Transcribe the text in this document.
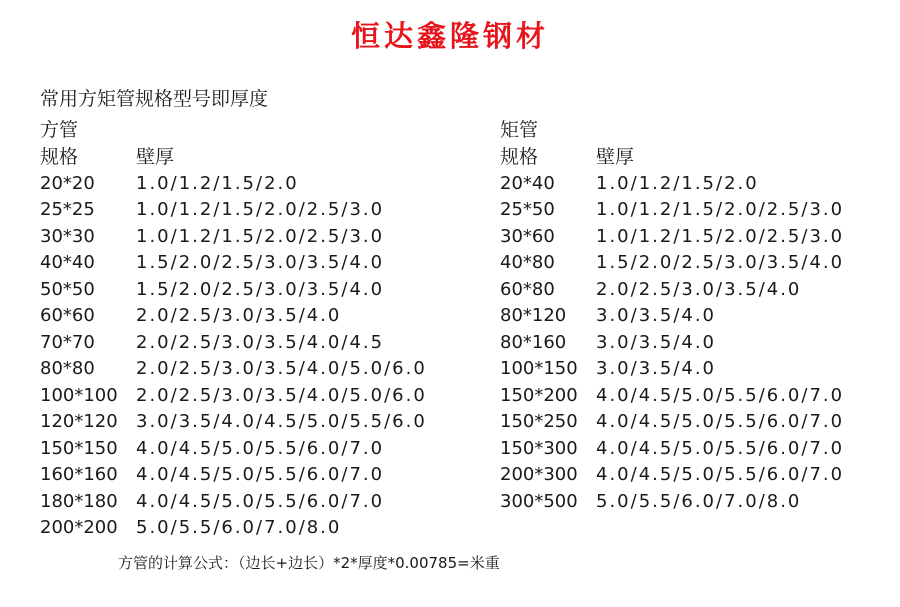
恒达鑫隆钢材
常用方矩管规格型号即厚度
方管
规格	壁厚
20*20 1.0/1.2/1.5/2.0
25*25 1.0/1.2/1.5/2.0/2.5/3.0
30*30 1.0/1.2/1.5/2.0/2.5/3.0
40*40 1.5/2.0/2.5/3.0/3.5/4.0
50*50 1.5/2.0/2.5/3.0/3.5/4.0
60*60 2.0/2.5/3.0/3.5/4.0
70*70 2.0/2.5/3.0/3.5/4.0/4.5
80*80 2.0/2.5/3.0/3.5/4.0/5.0/6.0
100*100 2.0/2.5/3.0/3.5/4.0/5.0/6.0
120*120 3.0/3.5/4.0/4.5/5.0/5.5/6.0
150*150 4.0/4.5/5.0/5.5/6.0/7.0
160*160 4.0/4.5/5.0/5.5/6.0/7.0
180*180 4.0/4.5/5.0/5.5/6.0/7.0
200*200 5.0/5.5/6.0/7.0/8.0
矩管
规格	壁厚
20*40 1.0/1.2/1.5/2.0
25*50 1.0/1.2/1.5/2.0/2.5/3.0
30*60 1.0/1.2/1.5/2.0/2.5/3.0
40*80 1.5/2.0/2.5/3.0/3.5/4.0
60*80 2.0/2.5/3.0/3.5/4.0
80*120 3.0/3.5/4.0
80*160 3.0/3.5/4.0
100*150 3.0/3.5/4.0
150*200 4.0/4.5/5.0/5.5/6.0/7.0
150*250 4.0/4.5/5.0/5.5/6.0/7.0
150*300 4.0/4.5/5.0/5.5/6.0/7.0
200*300 4.0/4.5/5.0/5.5/6.0/7.0
300*500 5.0/5.5/6.0/7.0/8.0
方管的计算公式：（边长+边长）*2*厚度*0.00785=米重
